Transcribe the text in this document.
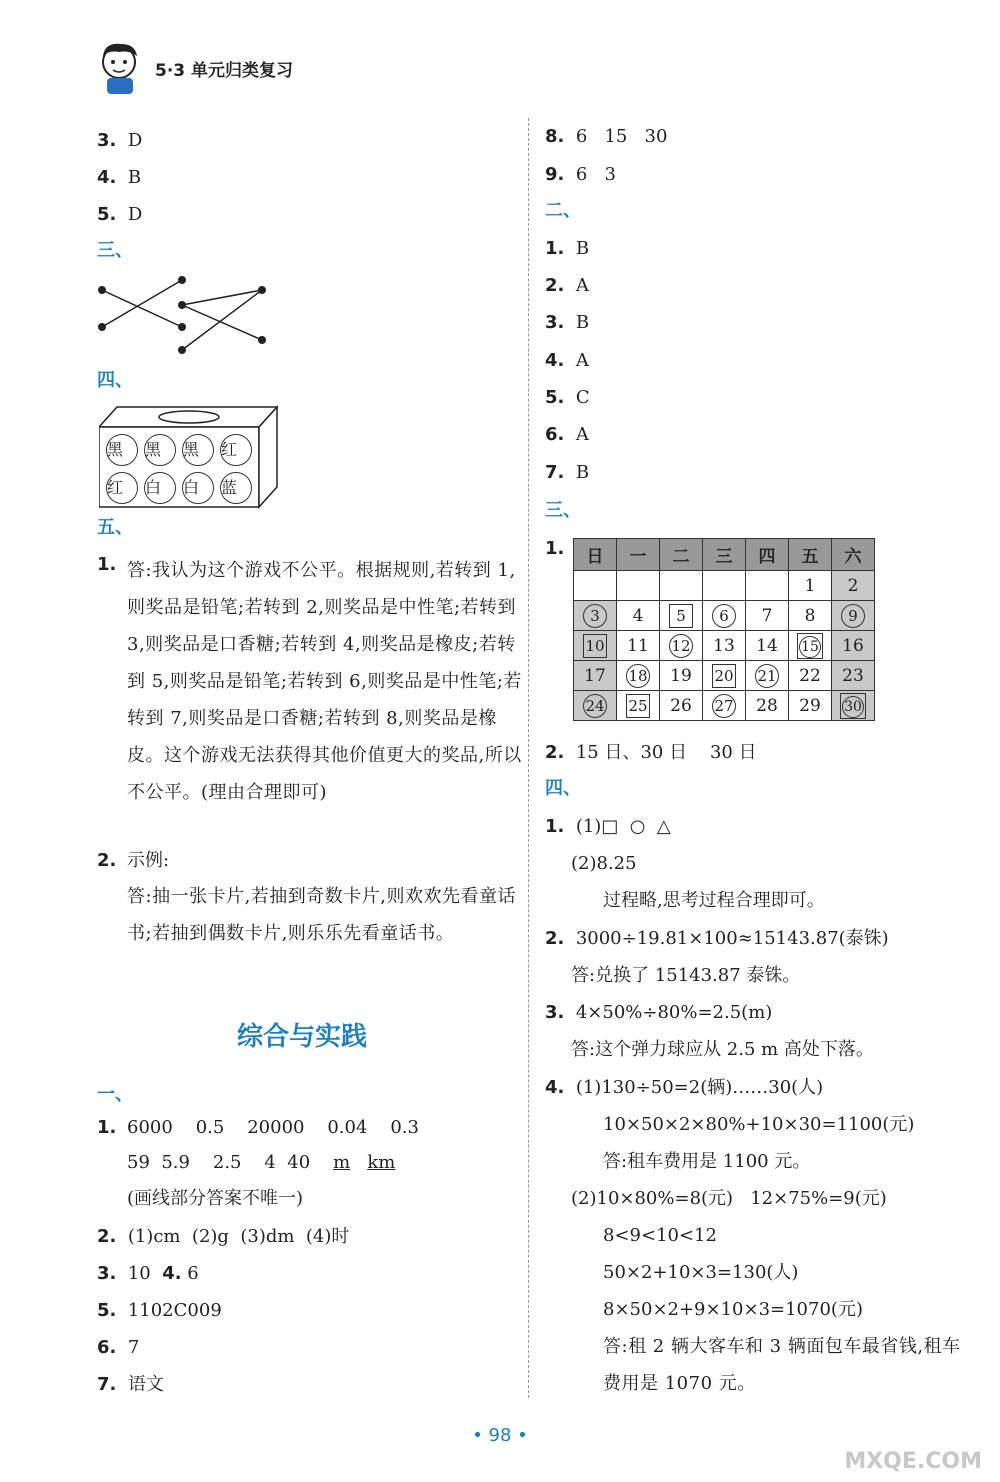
5·3 单元归类复习
3. D
4. B
5. D
三、
四、
黑	黑	黑	红
红	白	白	蓝
五、
1. 答:我认为这个游戏不公平。根据规则,若转到 1,则奖品是铅笔;若转到 2,则奖品是中性笔;若转到 3,则奖品是口香糖;若转到 4,则奖品是橡皮;若转到 5,则奖品是铅笔;若转到 6,则奖品是中性笔;若转到 7,则奖品是口香糖;若转到 8,则奖品是橡皮。这个游戏无法获得其他价值更大的奖品,所以不公平。(理由合理即可)
2. 示例:
答:抽一张卡片,若抽到奇数卡片,则欢欢先看童话书;若抽到偶数卡片,则乐乐先看童话书。
综合与实践
一、
1. 6000    0.5    20000    0.04    0.3
59  5.9    2.5    4  40    m km
(画线部分答案不唯一)
2. (1)cm  (2)g  (3)dm  (4)时
3. 10 4. 6
5. 1102C009
6. 7
7. 语文
8. 6   15   30
9. 6   3
二、
1. B
2. A
3. B
4. A
5. C
6. A
7. B
三、
1. 日	一	二	三	四	五	六
					1	2
3	4	5	6	7	8	9
10	11	12	13	14	15	16
17	18	19	20	21	22	23
24	25	26	27	28	29	30
2. 15 日、30 日    30 日
四、
1. (1)□  ○  △
(2)8.25
过程略,思考过程合理即可。
2. 3000÷19.81×100≈15143.87(泰铢)
答:兑换了 15143.87 泰铢。
3. 4×50%÷80%=2.5(m)
答:这个弹力球应从 2.5 m 高处下落。
4. (1)130÷50=2(辆)……30(人)
10×50×2×80%+10×30=1100(元)
答:租车费用是 1100 元。
(2)10×80%=8(元)   12×75%=9(元)
8<9<10<12
50×2+10×3=130(人)
8×50×2+9×10×3=1070(元)
答:租 2 辆大客车和 3 辆面包车最省钱,租车费用是 1070 元。
• 98 •
MXQE.COM
